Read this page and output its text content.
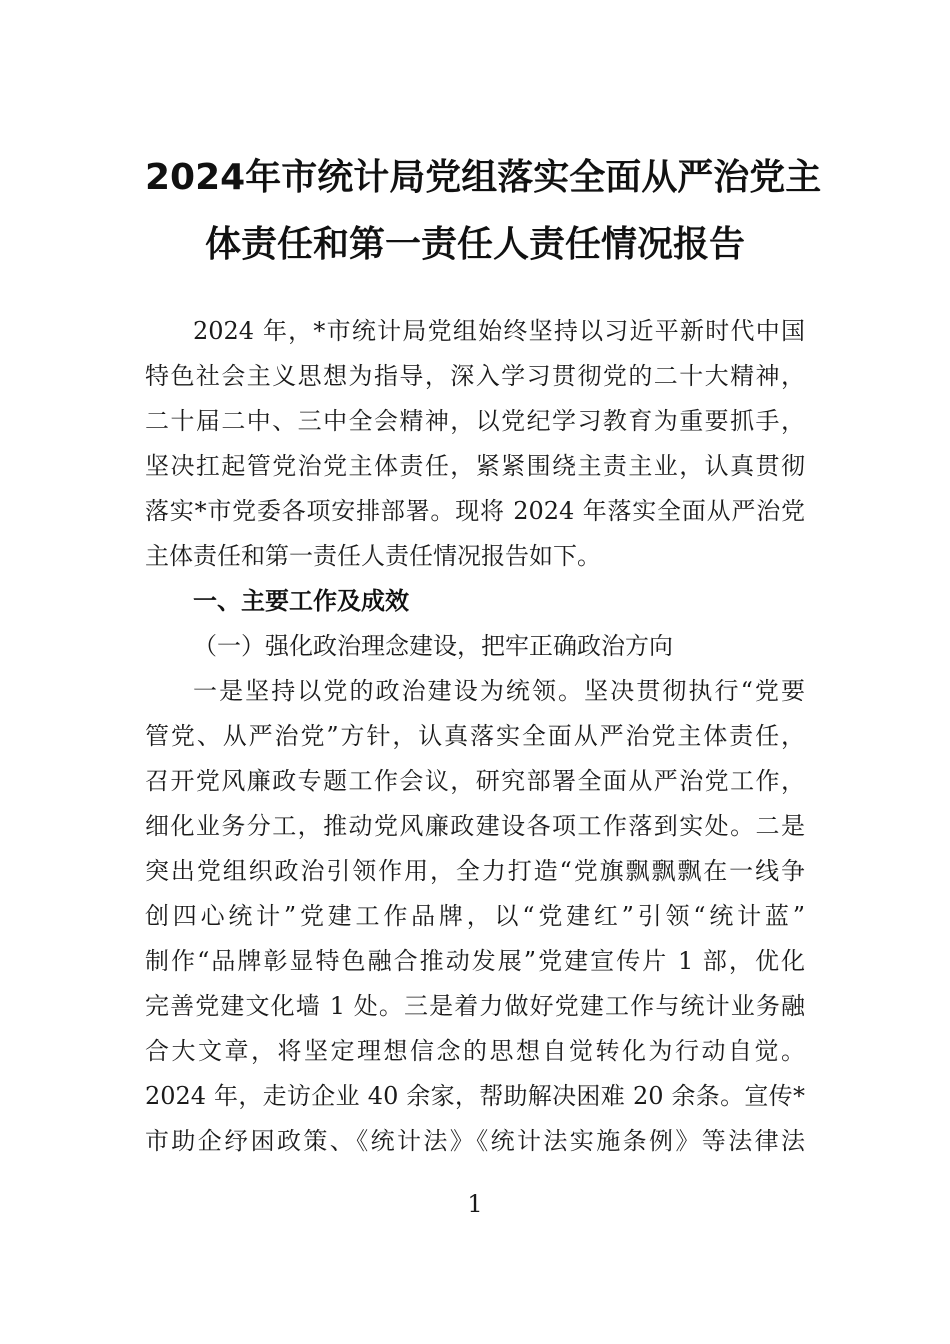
2024年市统计局党组落实全面从严治党主
体责任和第一责任人责任情况报告
2024 年，*市统计局党组始终坚持以习近平新时代中国
特色社会主义思想为指导，深入学习贯彻党的二十大精神，
二十届二中、三中全会精神，以党纪学习教育为重要抓手，
坚决扛起管党治党主体责任，紧紧围绕主责主业，认真贯彻
落实*市党委各项安排部署。现将 2024 年落实全面从严治党
主体责任和第一责任人责任情况报告如下。
一、主要工作及成效
（一）强化政治理念建设，把牢正确政治方向
一是坚持以党的政治建设为统领。坚决贯彻执行“党要
管党、从严治党”方针，认真落实全面从严治党主体责任，
召开党风廉政专题工作会议，研究部署全面从严治党工作，
细化业务分工，推动党风廉政建设各项工作落到实处。二是
突出党组织政治引领作用，全力打造“党旗飘飘飘在一线争
创四心统计”党建工作品牌，以“党建红”引领“统计蓝”
制作“品牌彰显特色融合推动发展”党建宣传片 1 部，优化
完善党建文化墙 1 处。三是着力做好党建工作与统计业务融
合大文章，将坚定理想信念的思想自觉转化为行动自觉。
2024 年，走访企业 40 余家，帮助解决困难 20 余条。宣传*
市助企纾困政策、《统计法》《统计法实施条例》等法律法
1
